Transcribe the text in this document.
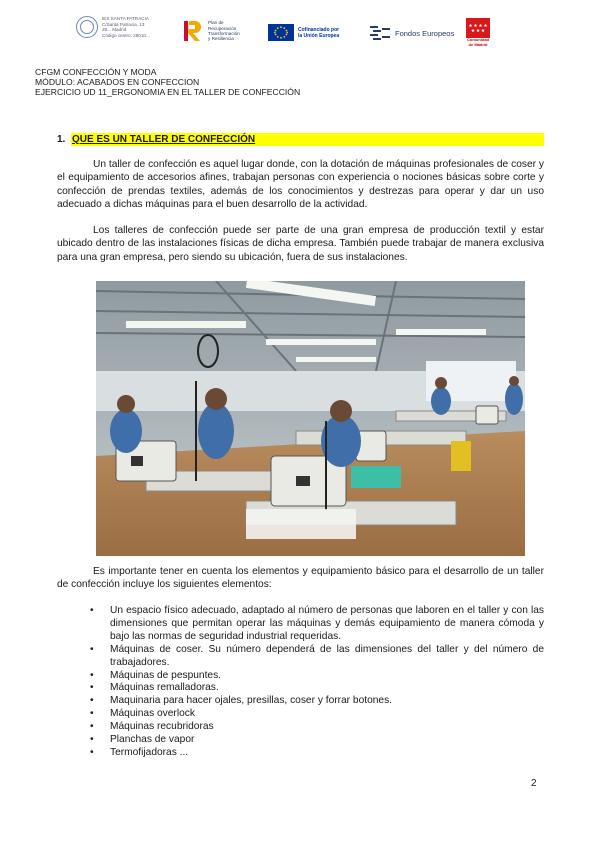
IES SANTA PATRACIA
C/Santa Patracia, 13
28... Madrid
Código centro: 28010...
Plan de
Recuperación,
Transformación
y Resiliencia
Cofinanciado por
la Unión Europea	Fondos Europeos
Comunidad
de Madrid
CFGM CONFECCIÓN Y MODA
MÓDULO: ACABADOS EN CONFECCION
EJERCICIO UD 11_ERGONOMIA EN EL TALLER DE CONFECCIÓN
1. QUE ES UN TALLER DE CONFECCIÓN
Un taller de confección es aquel lugar donde, con la dotación de máquinas profesionales de coser y el equipamiento de accesorios afines, trabajan personas con experiencia o nociones básicas sobre corte y confección de prendas textiles, además de los conocimientos y destrezas para operar y dar un uso adecuado a dichas máquinas para el buen desarrollo de la actividad.
Los talleres de confección puede ser parte de una gran empresa de producción textil y estar ubicado dentro de las instalaciones físicas de dicha empresa. También puede trabajar de manera exclusiva para una gran empresa, pero siendo su ubicación, fuera de sus instalaciones.
Es importante tener en cuenta los elementos y equipamiento básico para el desarrollo de un taller de confección incluye los siguientes elementos:
• Un espacio físico adecuado, adaptado al número de personas que laboren en el taller y con las dimensiones que permitan operar las máquinas y demás equipamiento de manera cómoda y bajo las normas de seguridad industrial requeridas.
• Máquinas de coser. Su número dependerá de las dimensiones del taller y del número de trabajadores.
• Máquinas de pespuntes.
• Máquinas remalladoras.
• Maquinaria para hacer ojales, presillas, coser y forrar botones.
• Máquinas overlock
• Máquinas recubridoras
• Planchas de vapor
• Termofijadoras ...
2
